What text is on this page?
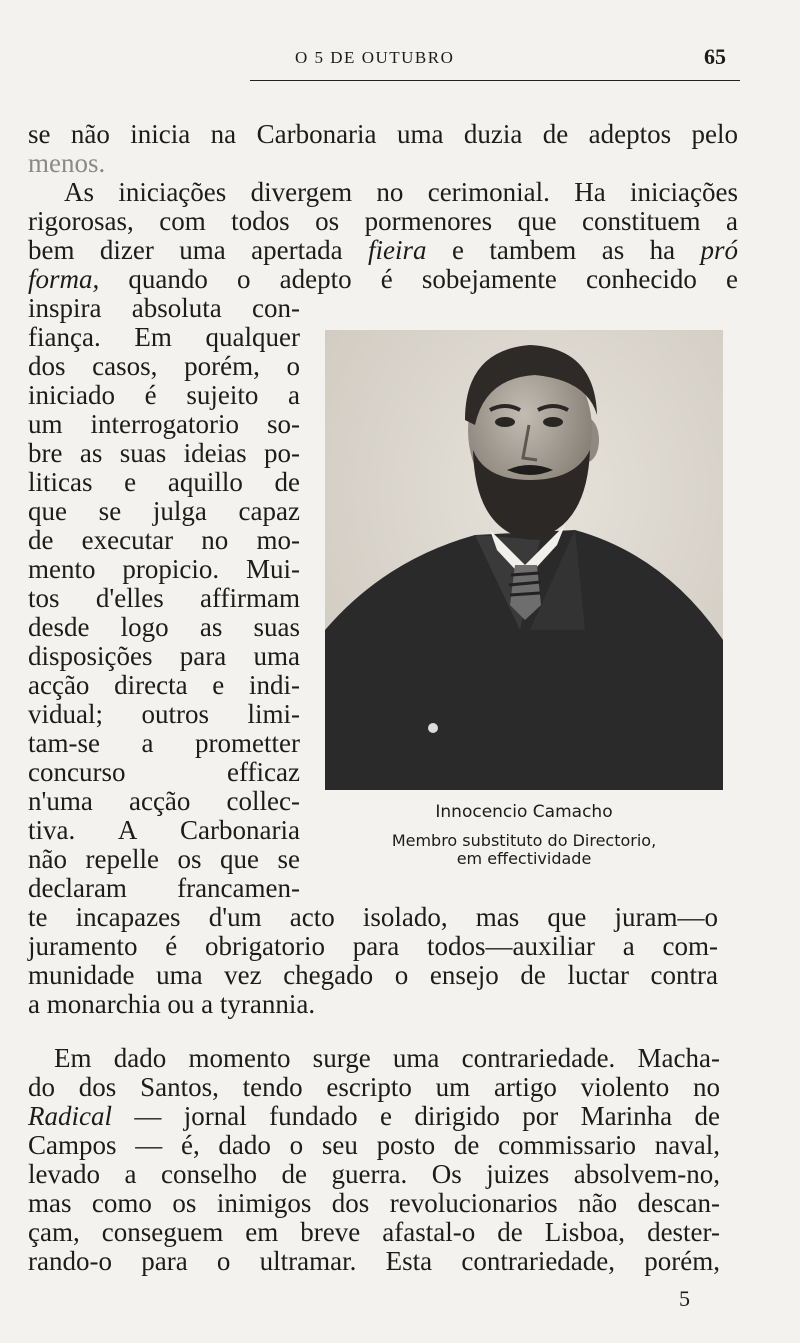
O 5 DE OUTUBRO	65
se não inicia na Carbonaria uma duzia de adeptos pelo
menos.
As iniciações divergem no cerimonial. Ha iniciações
rigorosas, com todos os pormenores que constituem a
bem dizer uma apertada fieira e tambem as ha pró
forma, quando o adepto é sobejamente conhecido e
inspira absoluta con-
fiança. Em qualquer
dos casos, porém, o
iniciado é sujeito a
um interrogatorio so-
bre as suas ideias po-
liticas e aquillo de
que se julga capaz
de executar no mo-
mento propicio. Mui-
tos d'elles affirmam
desde logo as suas
disposições para uma
acção directa e indi-
vidual; outros limi-
tam-se a prometter
concurso efficaz
n'uma acção collec-
tiva. A Carbonaria
não repelle os que se
declaram francamen-
Innocencio Camacho
Membro substituto do Directorio,
em effectividade
te incapazes d'um acto isolado, mas que juram—o
juramento é obrigatorio para todos—auxiliar a com-
munidade uma vez chegado o ensejo de luctar contra
a monarchia ou a tyrannia.
Em dado momento surge uma contrariedade. Macha-
do dos Santos, tendo escripto um artigo violento no
Radical — jornal fundado e dirigido por Marinha de
Campos — é, dado o seu posto de commissario naval,
levado a conselho de guerra. Os juizes absolvem-no,
mas como os inimigos dos revolucionarios não descan-
çam, conseguem em breve afastal-o de Lisboa, dester-
rando-o para o ultramar. Esta contrariedade, porém,
5
